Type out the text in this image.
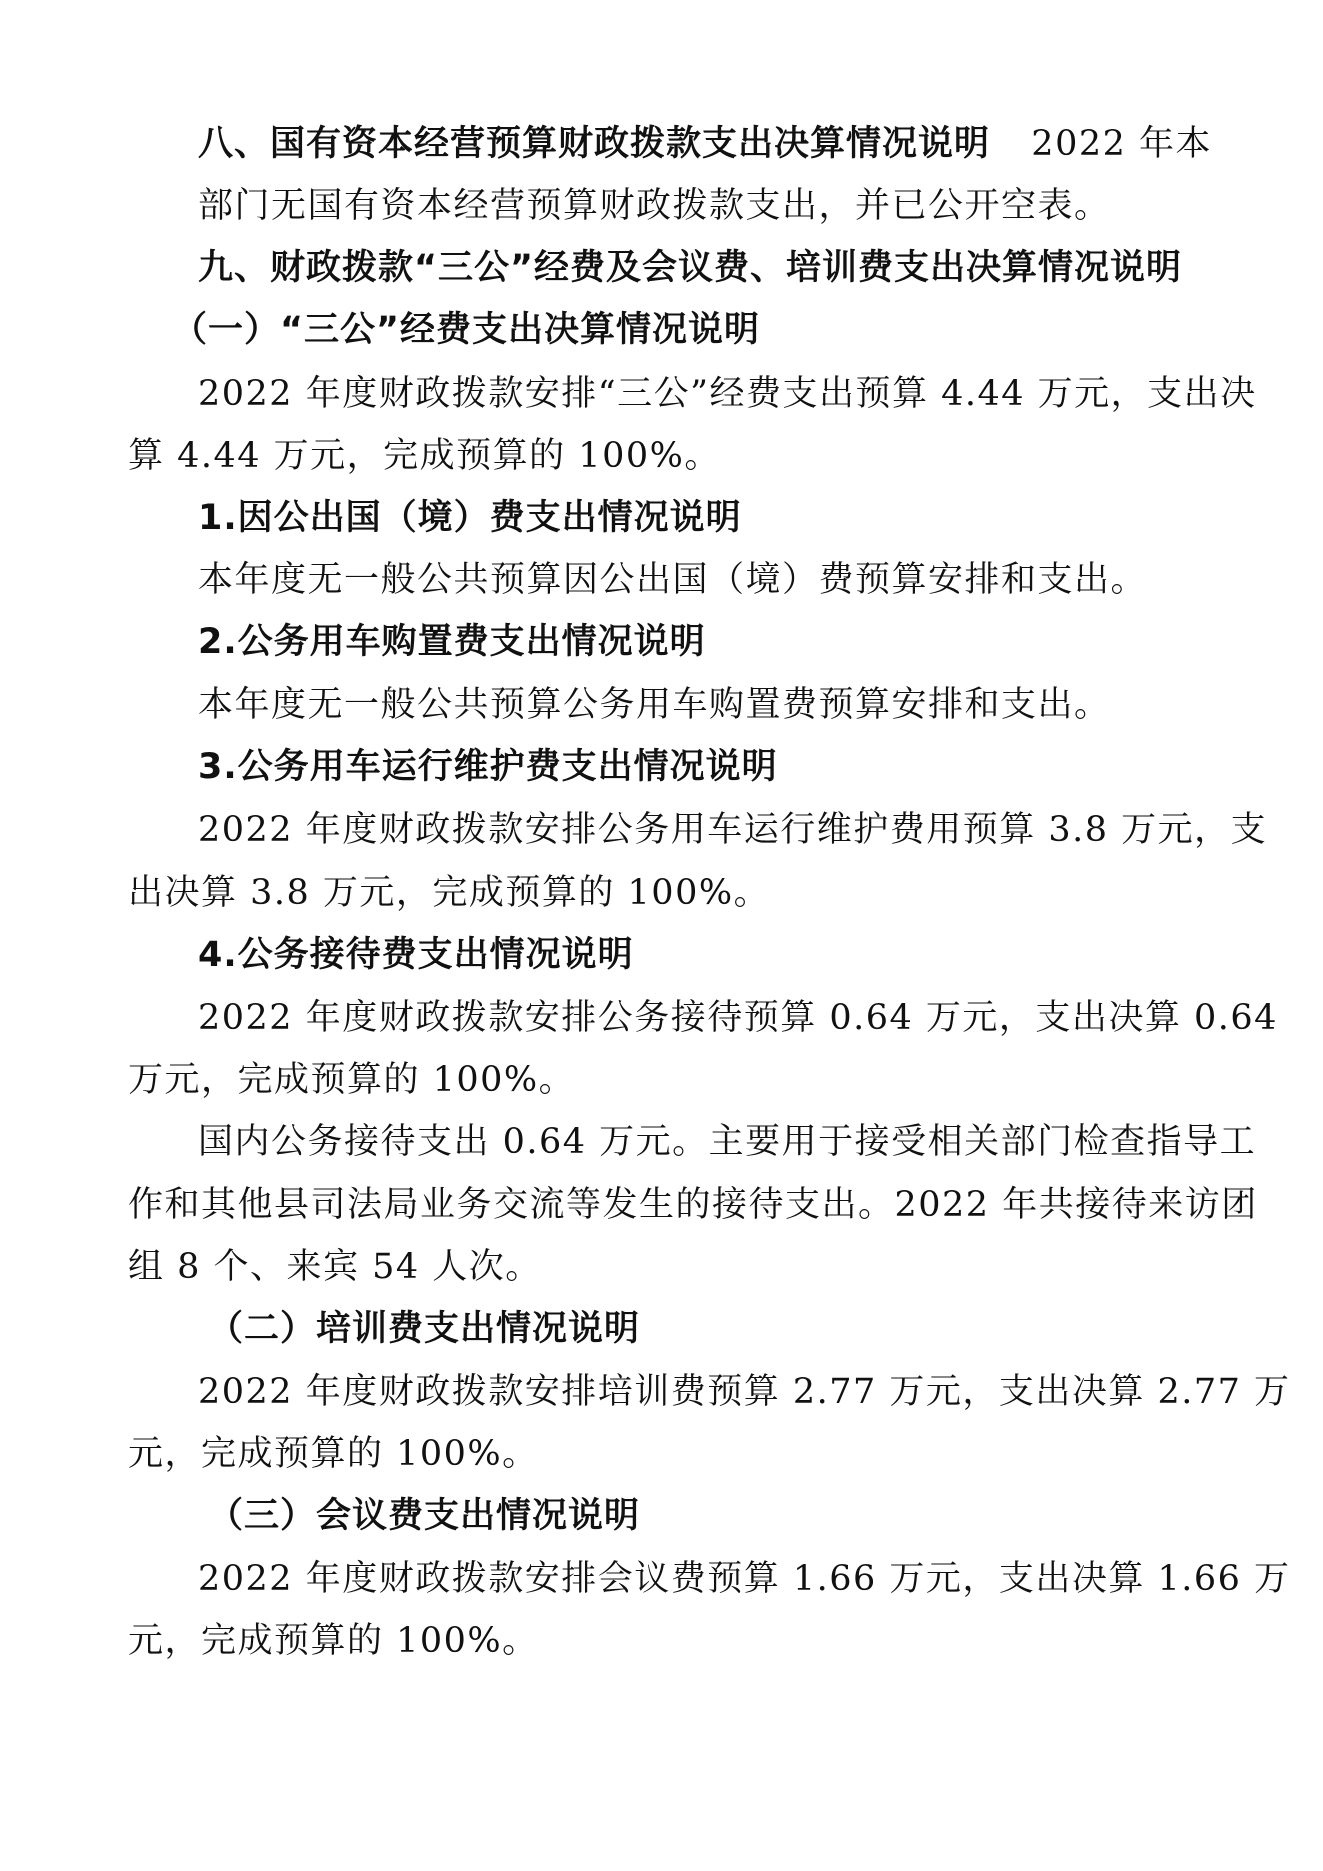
八、国有资本经营预算财政拨款支出决算情况说明 2022 年本
部门无国有资本经营预算财政拨款支出，并已公开空表。
九、财政拨款“三公”经费及会议费、培训费支出决算情况说明
（一）“三公”经费支出决算情况说明
2022 年度财政拨款安排“三公”经费支出预算 4.44 万元，支出决
算 4.44 万元，完成预算的 100%。
1.因公出国（境）费支出情况说明
本年度无一般公共预算因公出国（境）费预算安排和支出。
2.公务用车购置费支出情况说明
本年度无一般公共预算公务用车购置费预算安排和支出。
3.公务用车运行维护费支出情况说明
2022 年度财政拨款安排公务用车运行维护费用预算 3.8 万元，支
出决算 3.8 万元，完成预算的 100%。
4.公务接待费支出情况说明
2022 年度财政拨款安排公务接待预算 0.64 万元，支出决算 0.64
万元，完成预算的 100%。
国内公务接待支出 0.64 万元。主要用于接受相关部门检查指导工
作和其他县司法局业务交流等发生的接待支出。2022 年共接待来访团
组 8 个、来宾 54 人次。
（二）培训费支出情况说明
2022 年度财政拨款安排培训费预算 2.77 万元，支出决算 2.77 万
元，完成预算的 100%。
（三）会议费支出情况说明
2022 年度财政拨款安排会议费预算 1.66 万元，支出决算 1.66 万
元，完成预算的 100%。
